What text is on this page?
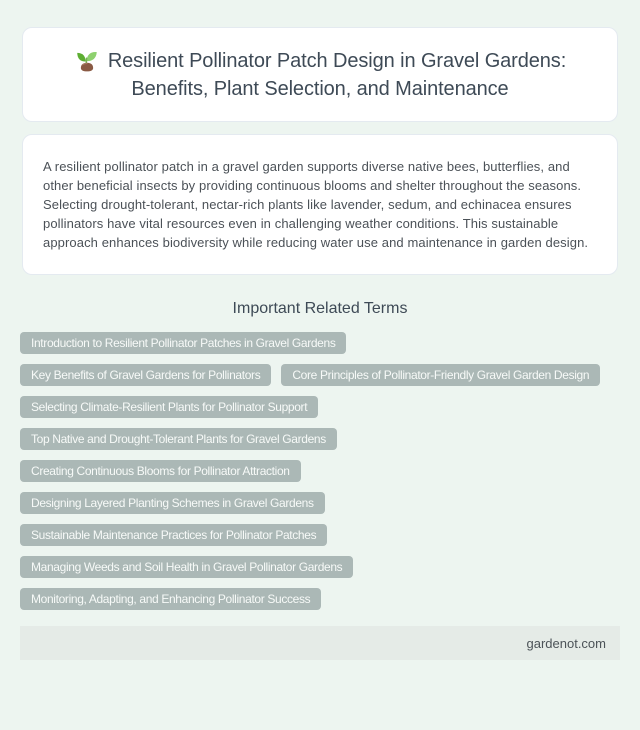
Resilient Pollinator Patch Design in Gravel Gardens: Benefits, Plant Selection, and Maintenance

A resilient pollinator patch in a gravel garden supports diverse native bees, butterflies, and other beneficial insects by providing continuous blooms and shelter throughout the seasons. Selecting drought-tolerant, nectar-rich plants like lavender, sedum, and echinacea ensures pollinators have vital resources even in challenging weather conditions. This sustainable approach enhances biodiversity while reducing water use and maintenance in garden design.

Important Related Terms
Introduction to Resilient Pollinator Patches in Gravel Gardens
Key Benefits of Gravel Gardens for Pollinators	Core Principles of Pollinator-Friendly Gravel Garden Design
Selecting Climate-Resilient Plants for Pollinator Support
Top Native and Drought-Tolerant Plants for Gravel Gardens
Creating Continuous Blooms for Pollinator Attraction
Designing Layered Planting Schemes in Gravel Gardens
Sustainable Maintenance Practices for Pollinator Patches
Managing Weeds and Soil Health in Gravel Pollinator Gardens
Monitoring, Adapting, and Enhancing Pollinator Success
gardenot.com
